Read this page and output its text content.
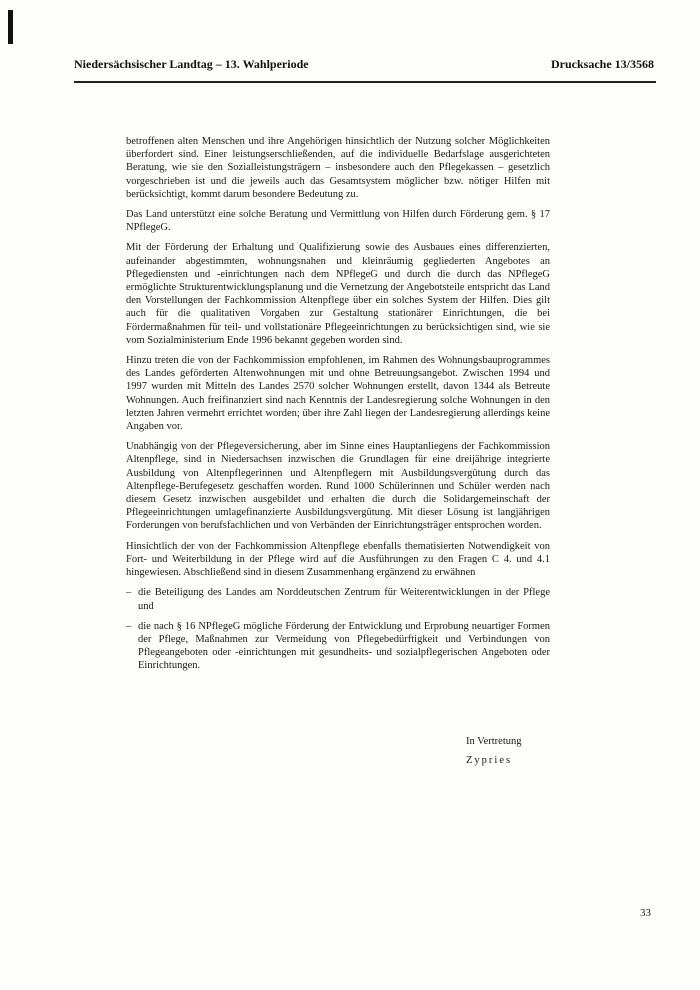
Niedersächsischer Landtag – 13. Wahlperiode	Drucksache 13/3568

betroffenen alten Menschen und ihre Angehörigen hinsichtlich der Nutzung solcher Möglichkeiten überfordert sind. Einer leistungserschließenden, auf die individuelle Bedarfslage ausgerichteten Beratung, wie sie den Sozialleistungsträgern – insbesondere auch den Pflegekassen – gesetzlich vorgeschrieben ist und die jeweils auch das Gesamtsystem möglicher bzw. nötiger Hilfen mit berücksichtigt, kommt darum besondere Bedeutung zu.

Das Land unterstützt eine solche Beratung und Vermittlung von Hilfen durch Förderung gem. § 17 NPflegeG.

Mit der Förderung der Erhaltung und Qualifizierung sowie des Ausbaues eines differenzierten, aufeinander abgestimmten, wohnungsnahen und kleinräumig gegliederten Angebotes an Pflegediensten und -einrichtungen nach dem NPflegeG und durch die durch das NPflegeG ermöglichte Strukturentwicklungsplanung und die Vernetzung der Angebotsteile entspricht das Land den Vorstellungen der Fachkommission Altenpflege über ein solches System der Hilfen. Dies gilt auch für die qualitativen Vorgaben zur Gestaltung stationärer Einrichtungen, die bei Fördermaßnahmen für teil- und vollstationäre Pflegeeinrichtungen zu berücksichtigen sind, wie sie vom Sozialministerium Ende 1996 bekannt gegeben worden sind.

Hinzu treten die von der Fachkommission empfohlenen, im Rahmen des Wohnungsbauprogrammes des Landes geförderten Altenwohnungen mit und ohne Betreuungsangebot. Zwischen 1994 und 1997 wurden mit Mitteln des Landes 2570 solcher Wohnungen erstellt, davon 1344 als Betreute Wohnungen. Auch freifinanziert sind nach Kenntnis der Landesregierung solche Wohnungen in den letzten Jahren vermehrt errichtet worden; über ihre Zahl liegen der Landesregierung allerdings keine Angaben vor.

Unabhängig von der Pflegeversicherung, aber im Sinne eines Hauptanliegens der Fachkommission Altenpflege, sind in Niedersachsen inzwischen die Grundlagen für eine dreijährige integrierte Ausbildung von Altenpflegerinnen und Altenpflegern mit Ausbildungsvergütung durch das Altenpflege-Berufegesetz geschaffen worden. Rund 1000 Schülerinnen und Schüler werden nach diesem Gesetz inzwischen ausgebildet und erhalten die durch die Solidargemeinschaft der Pflegeeinrichtungen umlagefinanzierte Ausbildungsvergütung. Mit dieser Lösung ist langjährigen Forderungen von berufsfachlichen und von Verbänden der Einrichtungsträger entsprochen worden.

Hinsichtlich der von der Fachkommission Altenpflege ebenfalls thematisierten Notwendigkeit von Fort- und Weiterbildung in der Pflege wird auf die Ausführungen zu den Fragen C 4. und 4.1 hingewiesen. Abschließend sind in diesem Zusammenhang ergänzend zu erwähnen

– die Beteiligung des Landes am Norddeutschen Zentrum für Weiterentwicklungen in der Pflege und
– die nach § 16 NPflegeG mögliche Förderung der Entwicklung und Erprobung neuartiger Formen der Pflege, Maßnahmen zur Vermeidung von Pflegebedürftigkeit und Verbindungen von Pflegeangeboten oder -einrichtungen mit gesundheits- und sozialpflegerischen Angeboten oder Einrichtungen.
In Vertretung
Zypries
33
